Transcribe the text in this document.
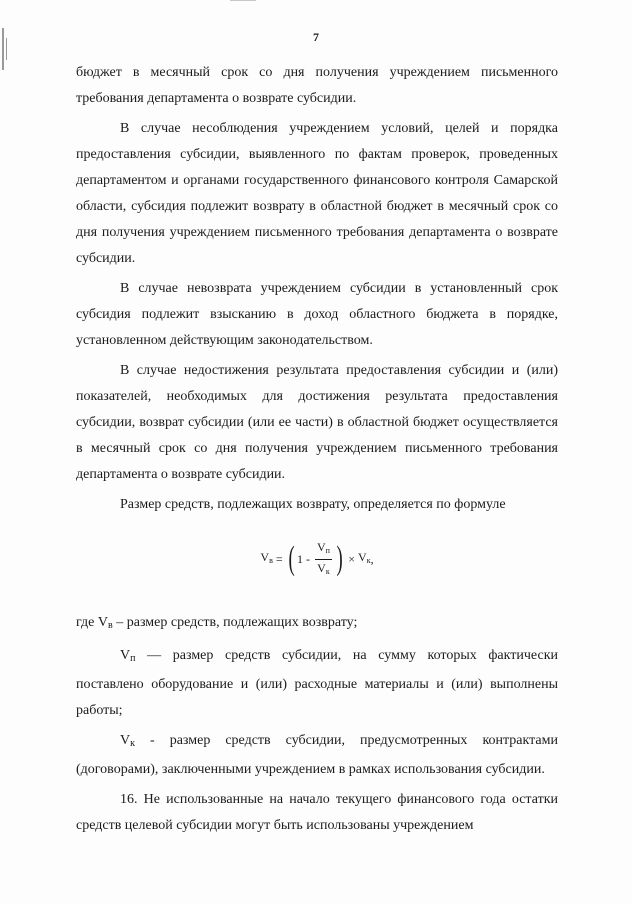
7

бюджет в месячный срок со дня получения учреждением письменного требования департамента о возврате субсидии.

В случае несоблюдения учреждением условий, целей и порядка предоставления субсидии, выявленного по фактам проверок, проведенных департаментом и органами государственного финансового контроля Самарской области, субсидия подлежит возврату в областной бюджет в месячный срок со дня получения учреждением письменного требования департамента о возврате субсидии.

В случае невозврата учреждением субсидии в установленный срок субсидия подлежит взысканию в доход областного бюджета в порядке, установленном действующим законодательством.

В случае недостижения результата предоставления субсидии и (или) показателей, необходимых для достижения результата предоставления субсидии, возврат субсидии (или ее части) в областной бюджет осуществляется в месячный срок со дня получения учреждением письменного требования департамента о возврате субсидии.

Размер средств, подлежащих возврату, определяется по формуле

$V_в$ = ( $1 - \frac{V_п}{V_к}$ ) × $V_к$ ,

где Vв – размер средств, подлежащих возврату;

Vп — размер средств субсидии, на сумму которых фактически поставлено оборудование и (или) расходные материалы и (или) выполнены работы;

Vк - размер средств субсидии, предусмотренных контрактами (договорами), заключенными учреждением в рамках использования субсидии.

16. Не использованные на начало текущего финансового года остатки средств целевой субсидии могут быть использованы учреждением
